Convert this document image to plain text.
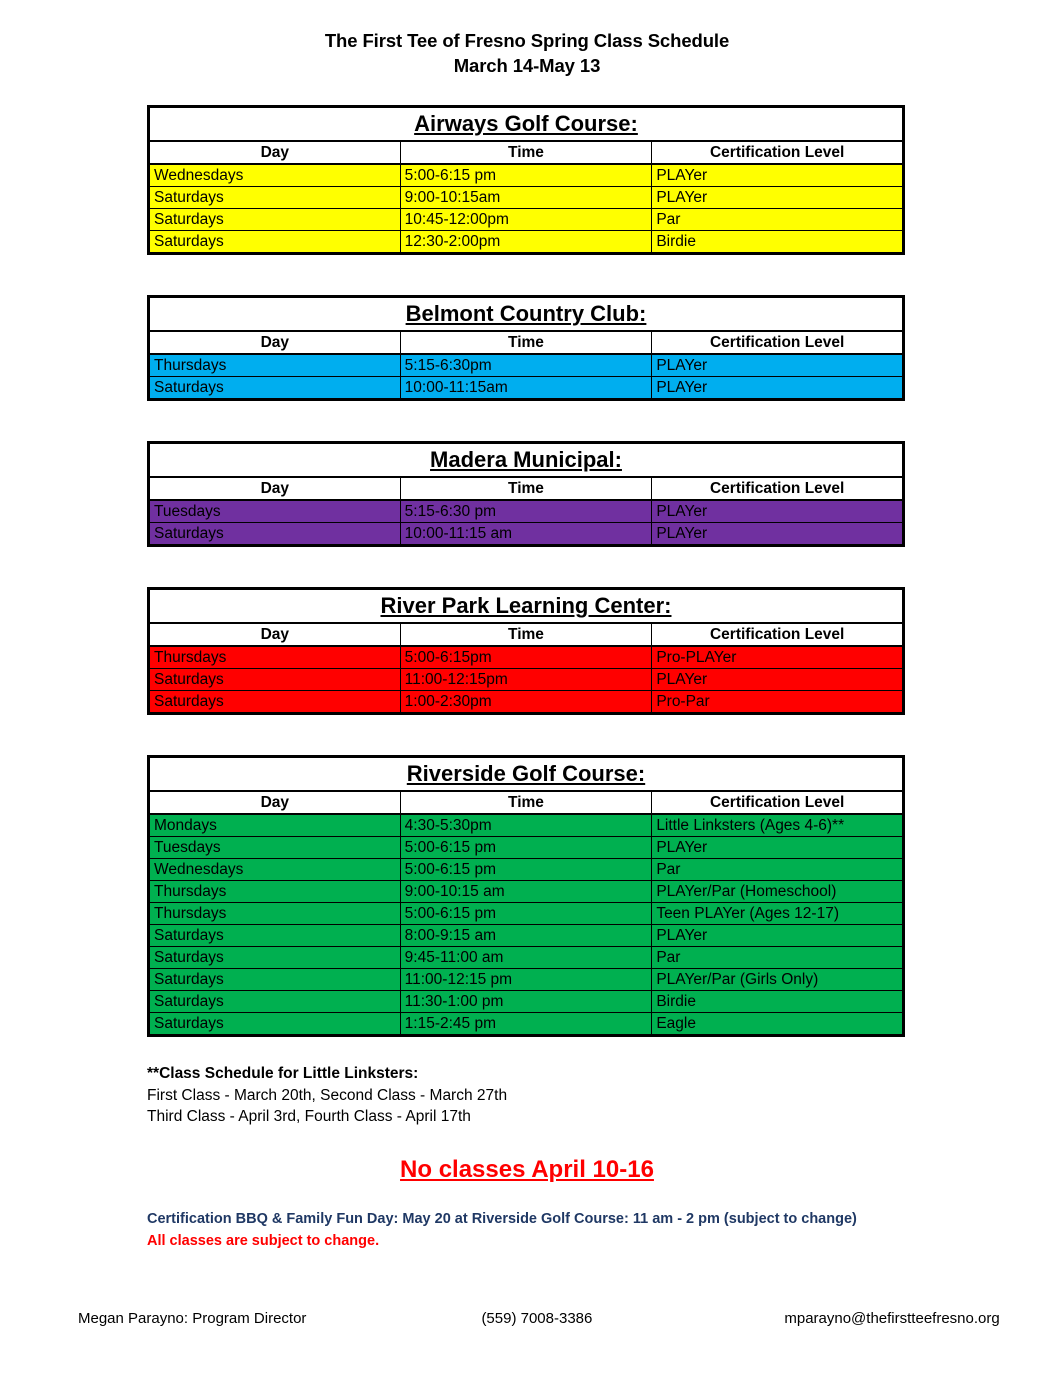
The First Tee of Fresno Spring Class Schedule
March 14-May 13
Airways Golf Course:		
Day	Time	Certification Level
Wednesdays	5:00-6:15 pm	PLAYer
Saturdays	9:00-10:15am	PLAYer
Saturdays	10:45-12:00pm	Par
Saturdays	12:30-2:00pm	Birdie
Belmont Country Club:		
Day	Time	Certification Level
Thursdays	5:15-6:30pm	PLAYer
Saturdays	10:00-11:15am	PLAYer
Madera Municipal:		
Day	Time	Certification Level
Tuesdays	5:15-6:30 pm	PLAYer
Saturdays	10:00-11:15 am	PLAYer
River Park Learning Center:		
Day	Time	Certification Level
Thursdays	5:00-6:15pm	Pro-PLAYer
Saturdays	11:00-12:15pm	PLAYer
Saturdays	1:00-2:30pm	Pro-Par
Riverside Golf Course:		
Day	Time	Certification Level
Mondays	4:30-5:30pm	Little Linksters (Ages 4-6)**
Tuesdays	5:00-6:15 pm	PLAYer
Wednesdays	5:00-6:15 pm	Par
Thursdays	9:00-10:15 am	PLAYer/Par (Homeschool)
Thursdays	5:00-6:15 pm	Teen PLAYer (Ages 12-17)
Saturdays	8:00-9:15 am	PLAYer
Saturdays	9:45-11:00 am	Par
Saturdays	11:00-12:15 pm	PLAYer/Par (Girls Only)
Saturdays	11:30-1:00 pm	Birdie
Saturdays	1:15-2:45 pm	Eagle
**Class Schedule for Little Linksters:
First Class - March 20th, Second Class - March 27th
Third Class - April 3rd, Fourth Class - April 17th
No classes April 10-16
Certification BBQ & Family Fun Day: May 20 at Riverside Golf Course: 11 am - 2 pm (subject to change)
All classes are subject to change.
Megan Parayno: Program Director	(559) 7008-3386	mparayno@thefirstteefresno.org
